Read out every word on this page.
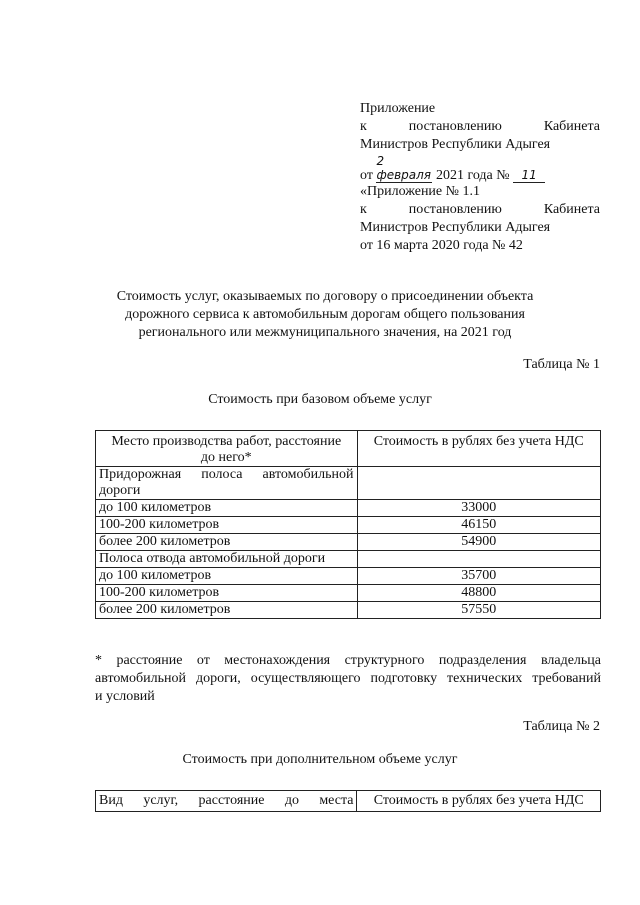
Приложение
к	постановлению	Кабинета
Министров Республики Адыгея
от 2 февраля 2021 года № 11
«Приложение № 1.1
к	постановлению	Кабинета
Министров Республики Адыгея
от 16 марта 2020 года № 42
Стоимость услуг, оказываемых по договору о присоединении объекта
дорожного сервиса к автомобильным дорогам общего пользования
регионального или межмуниципального значения, на 2021 год
Таблица № 1
Стоимость при базовом объеме услуг
Место производства работ, расстояние
до него*	Стоимость в рублях без учета НДС

Придорожная полоса автомобильной
дороги	

до 100 километров	33000
100-200 километров	46150
более 200 километров	54900
Полоса отвода автомобильной дороги	
до 100 километров	35700
100-200 километров	48800
более 200 километров	57550
* расстояние от местонахождения структурного подразделения владельца
автомобильной дороги, осуществляющего подготовку технических требований
и условий
Таблица № 2
Стоимость при дополнительном объеме услуг
Вид услуг, расстояние до места	Стоимость в рублях без учета НДС
